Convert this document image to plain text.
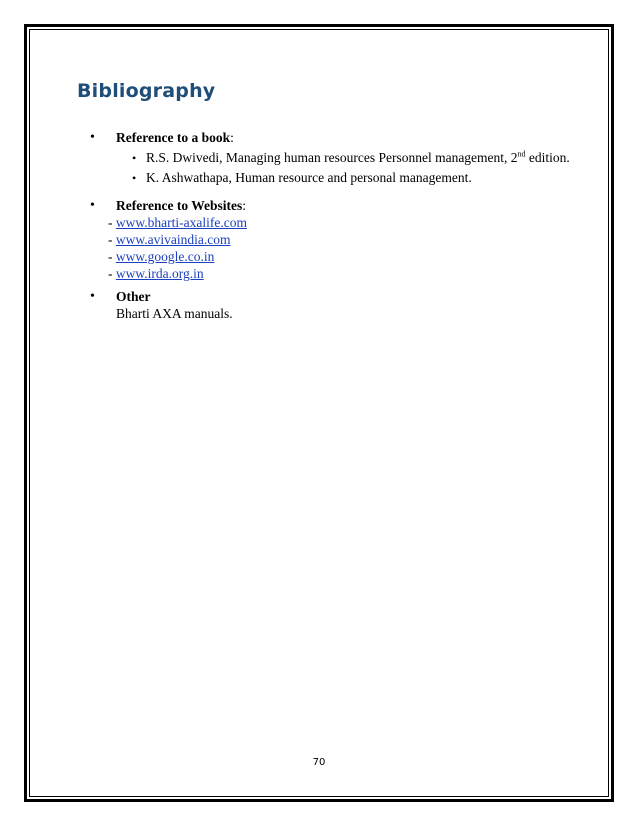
Bibliography
• Reference to a book:
• R.S. Dwivedi, Managing human resources Personnel management, 2nd edition.
• K. Ashwathapa, Human resource and personal management.
• Reference to Websites:
- www.bharti-axalife.com
- www.avivaindia.com
- www.google.co.in
- www.irda.org.in
• Other
Bharti AXA manuals.
70
